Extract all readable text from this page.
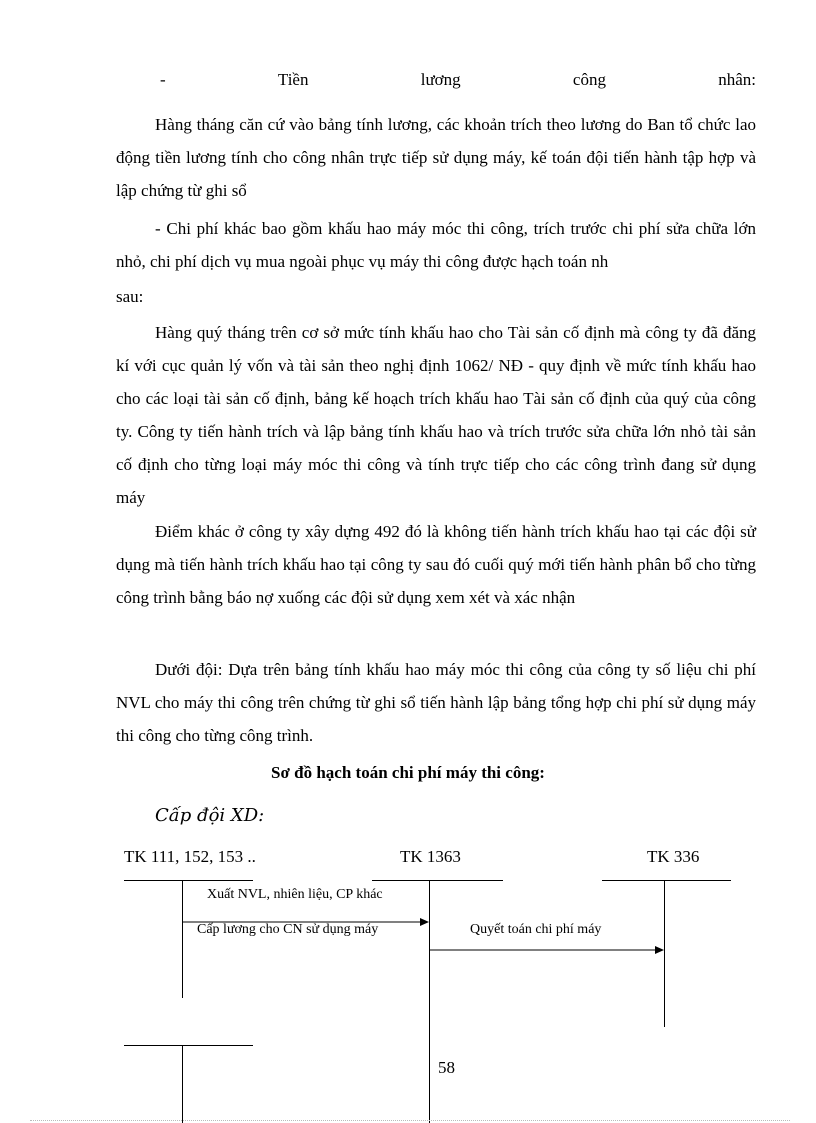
-	Tiền	lương	công	nhân:
Hàng tháng căn cứ vào bảng tính lương, các khoản trích theo lương do Ban tổ chức lao động tiền lương tính cho công nhân trực tiếp sử dụng máy, kế toán đội tiến hành tập hợp và lập chứng từ ghi sổ
- Chi phí khác bao gồm khấu hao máy móc thi công, trích trước chi phí sửa chữa lớn nhỏ, chi phí dịch vụ mua ngoài phục vụ máy thi công được hạch toán nh
sau:
Hàng quý tháng trên cơ sở mức tính khấu hao cho Tài sản cố định mà công ty đã đăng kí với cục quản lý vốn và tài sản theo nghị định 1062/ NĐ - quy định về mức tính khấu hao cho các loại tài sản cố định, bảng kế hoạch trích khấu hao Tài sản cố định của quý của công ty. Công ty tiến hành trích và lập bảng tính khấu hao và trích trước sửa chữa lớn nhỏ tài sản cố định cho từng loại máy móc thi công và tính trực tiếp cho các công trình đang sử dụng máy
Điểm khác ở công ty xây dựng 492 đó là không tiến hành trích khấu hao tại các đội sử dụng mà tiến hành trích khấu hao tại công ty sau đó cuối quý mới tiến hành phân bổ cho từng công trình bằng báo nợ xuống các đội sử dụng xem xét và xác nhận
Dưới đội: Dựa trên bảng tính khấu hao máy móc thi công của công ty số liệu chi phí NVL cho máy thi công trên chứng từ ghi sổ tiến hành lập bảng tổng hợp chi phí sử dụng máy thi công cho từng công trình.
Sơ đồ hạch toán chi phí máy thi công:
Cấp đội XD:
TK 111, 152, 153 ..	TK 1363	TK 336
Xuất NVL, nhiên liệu, CP khác
Cấp lương cho CN sử dụng máy	Quyết toán chi phí máy
58
